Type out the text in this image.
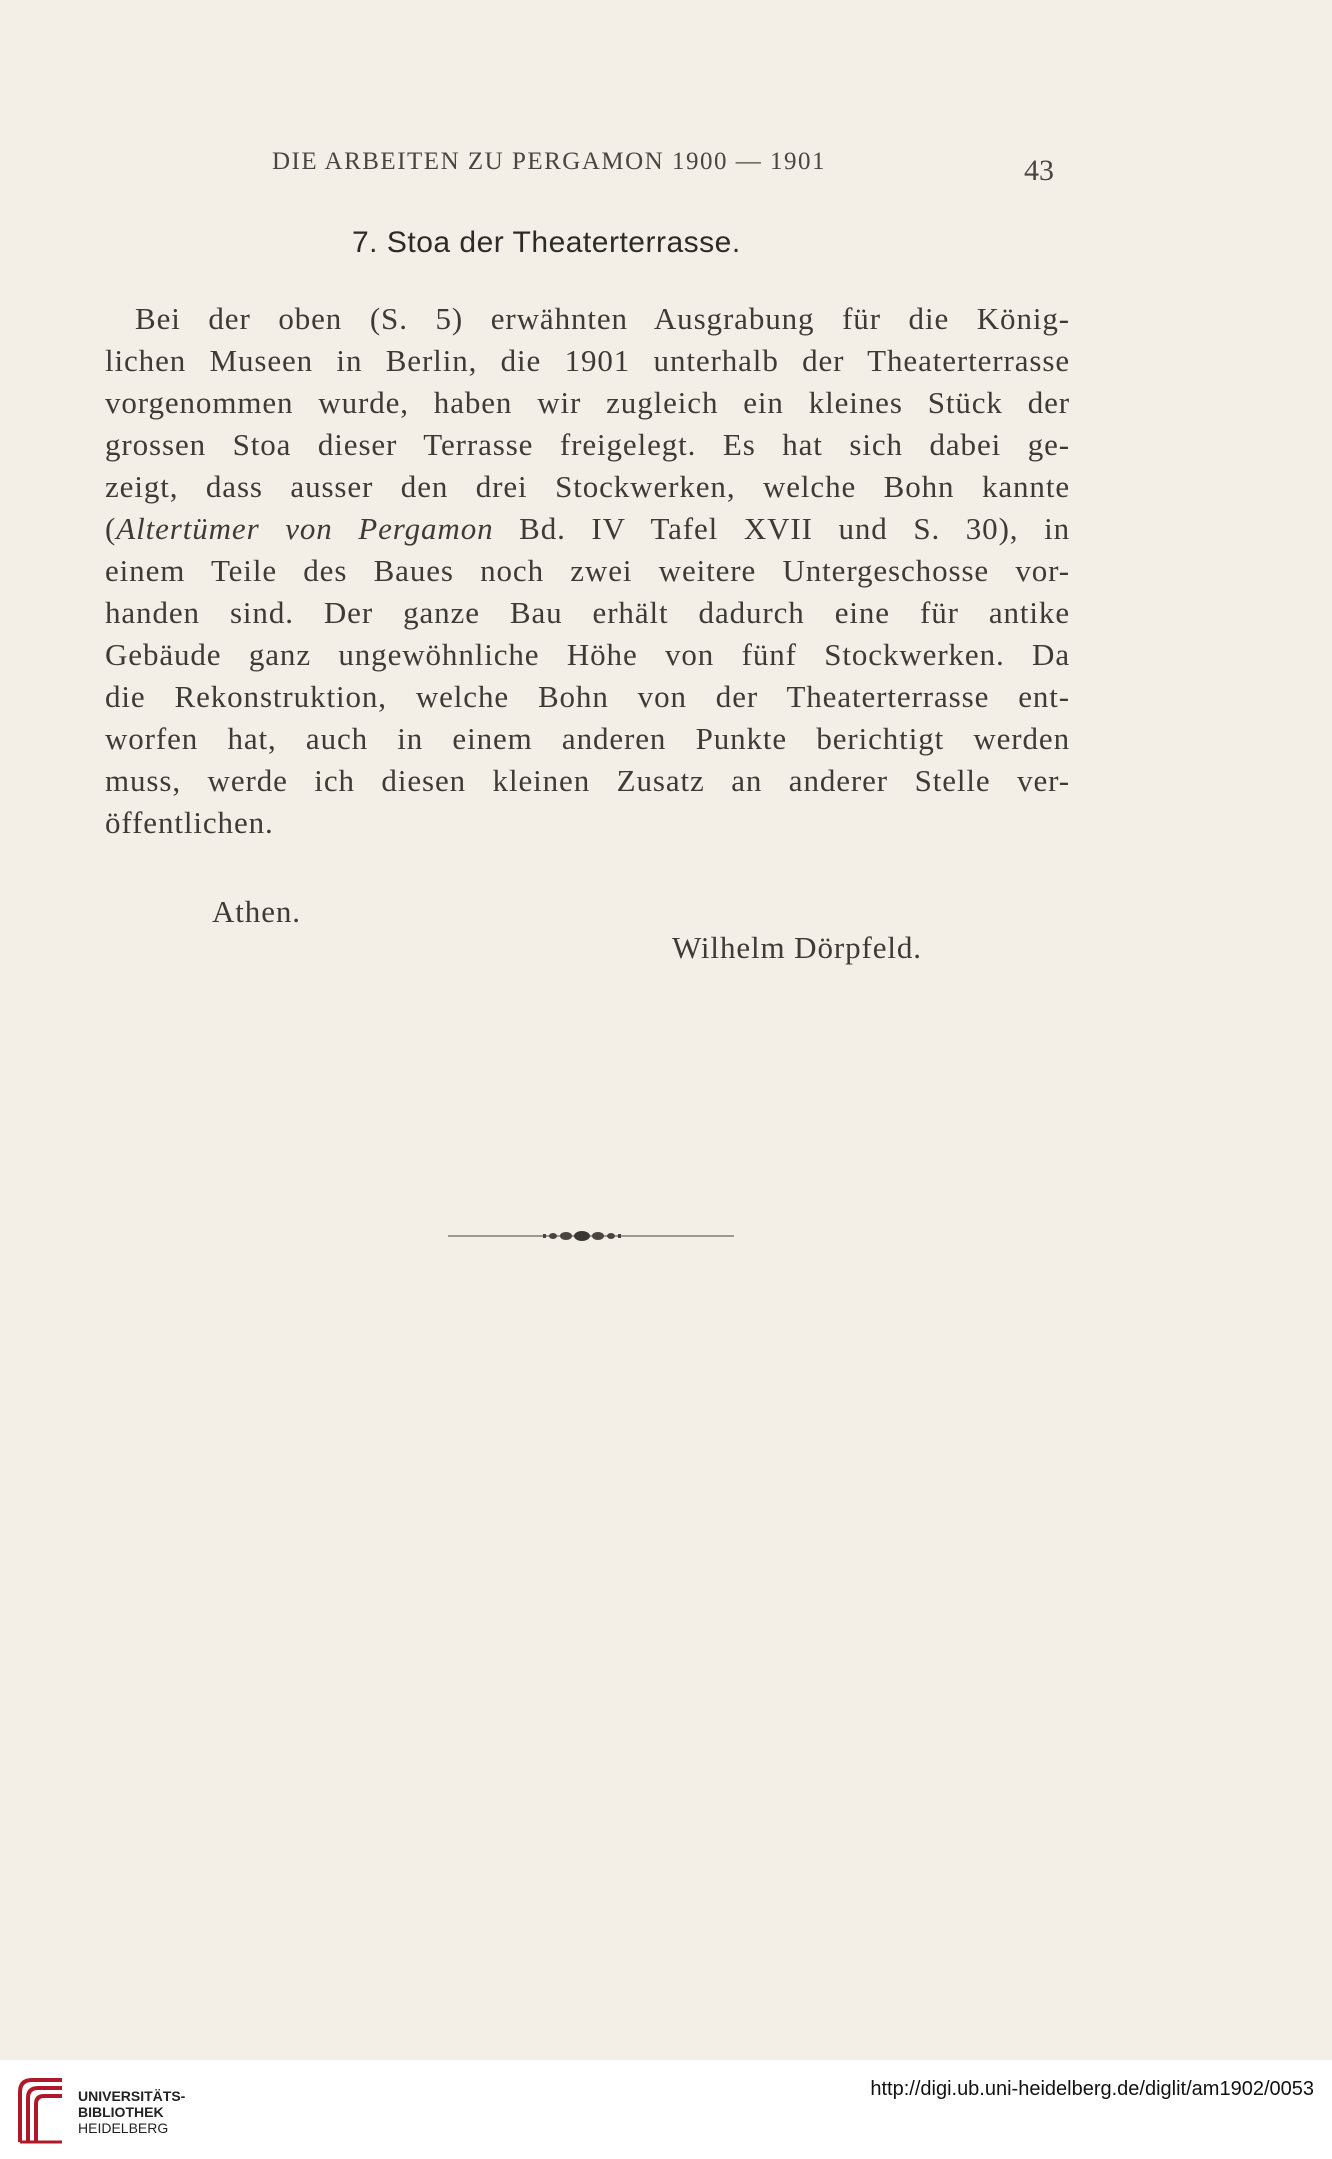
DIE ARBEITEN ZU PERGAMON 1900 — 1901	43
7. Stoa der Theaterterrasse.
Bei der oben (S. 5) erwähnten Ausgrabung für die König-
lichen Museen in Berlin, die 1901 unterhalb der Theaterterrasse
vorgenommen wurde, haben wir zugleich ein kleines Stück der
grossen Stoa dieser Terrasse freigelegt. Es hat sich dabei ge-
zeigt, dass ausser den drei Stockwerken, welche Bohn kannte
(Altertümer von Pergamon Bd. IV Tafel XVII und S. 30), in
einem Teile des Baues noch zwei weitere Untergeschosse vor-
handen sind. Der ganze Bau erhält dadurch eine für antike
Gebäude ganz ungewöhnliche Höhe von fünf Stockwerken. Da
die Rekonstruktion, welche Bohn von der Theaterterrasse ent-
worfen hat, auch in einem anderen Punkte berichtigt werden
muss, werde ich diesen kleinen Zusatz an anderer Stelle ver-
öffentlichen.
Athen.
Wilhelm Dörpfeld.
UNIVERSITÄTS-
BIBLIOTHEK
HEIDELBERG
http://digi.ub.uni-heidelberg.de/diglit/am1902/0053
